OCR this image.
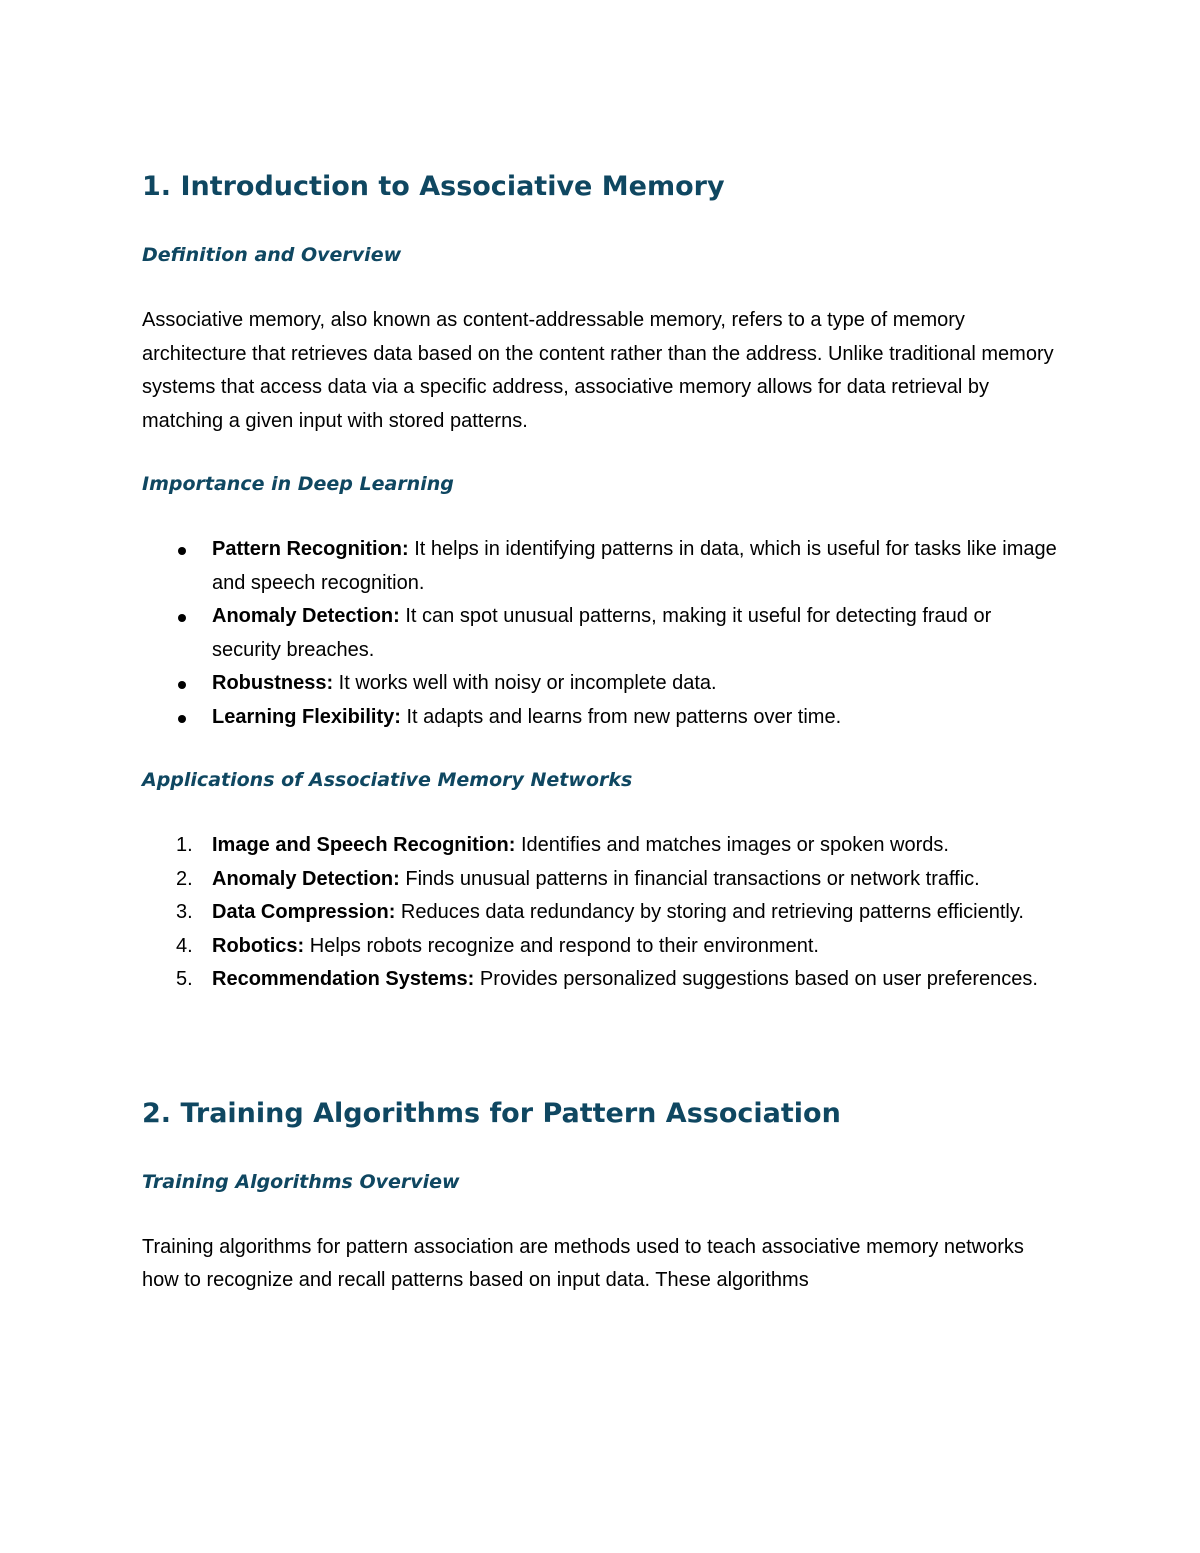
1. Introduction to Associative Memory
Definition and Overview

Associative memory, also known as content-addressable memory, refers to a type of memory architecture that retrieves data based on the content rather than the address. Unlike traditional memory systems that access data via a specific address, associative memory allows for data retrieval by matching a given input with stored patterns.

Importance in Deep Learning
Pattern Recognition: It helps in identifying patterns in data, which is useful for tasks like image and speech recognition.
Anomaly Detection: It can spot unusual patterns, making it useful for detecting fraud or security breaches.
Robustness: It works well with noisy or incomplete data.
Learning Flexibility: It adapts and learns from new patterns over time.
Applications of Associative Memory Networks
1. Image and Speech Recognition: Identifies and matches images or spoken words.
2. Anomaly Detection: Finds unusual patterns in financial transactions or network traffic.
3. Data Compression: Reduces data redundancy by storing and retrieving patterns efficiently.
4. Robotics: Helps robots recognize and respond to their environment.
5. Recommendation Systems: Provides personalized suggestions based on user preferences.
2. Training Algorithms for Pattern Association
Training Algorithms Overview

Training algorithms for pattern association are methods used to teach associative memory networks how to recognize and recall patterns based on input data. These algorithms
